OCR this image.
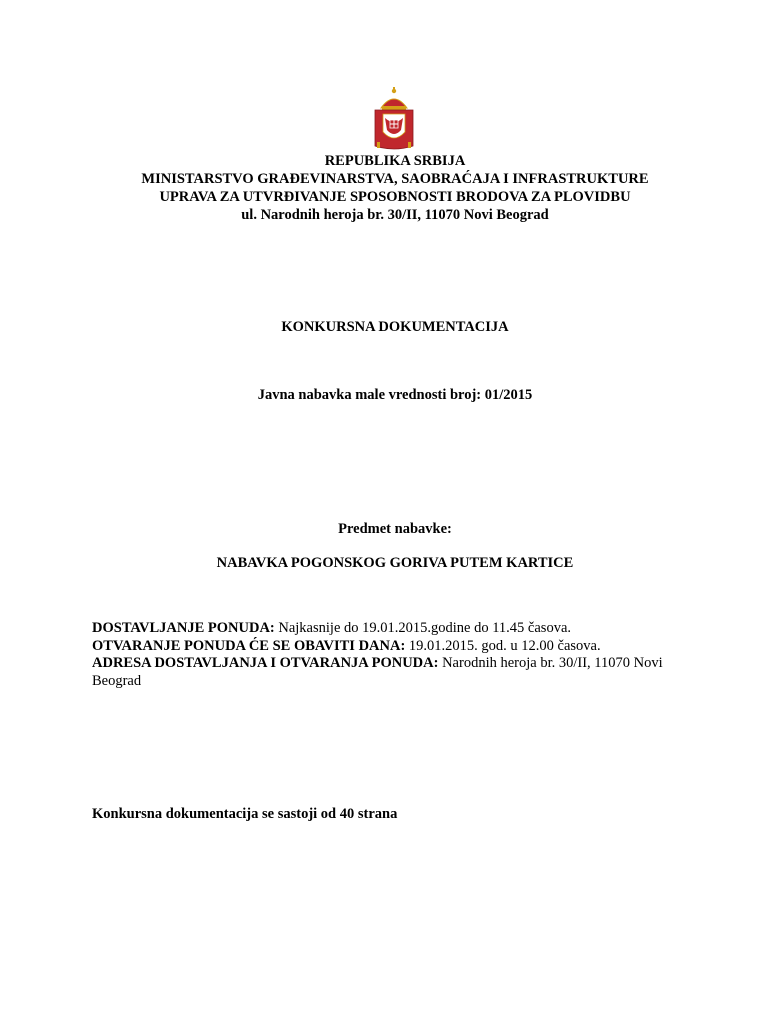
REPUBLIKA SRBIJA
MINISTARSTVO GRAĐEVINARSTVA, SAOBRAĆAJA I INFRASTRUKTURE
UPRAVA ZA UTVRĐIVANJE SPOSOBNOSTI BRODOVA ZA PLOVIDBU
ul. Narodnih heroja br. 30/II, 11070 Novi Beograd
KONKURSNA DOKUMENTACIJA
Javna nabavka male vrednosti broj: 01/2015
Predmet nabavke:
NABAVKA POGONSKOG GORIVA PUTEM KARTICE
DOSTAVLJANJE PONUDA: Najkasnije do 19.01.2015.godine do 11.45 časova.
OTVARANJE PONUDA ĆE SE OBAVITI DANA: 19.01.2015. god. u 12.00 časova.
ADRESA DOSTAVLJANJA I OTVARANJA PONUDA: Narodnih heroja br. 30/II, 11070 Novi Beograd
Konkursna dokumentacija se sastoji od 40 strana
